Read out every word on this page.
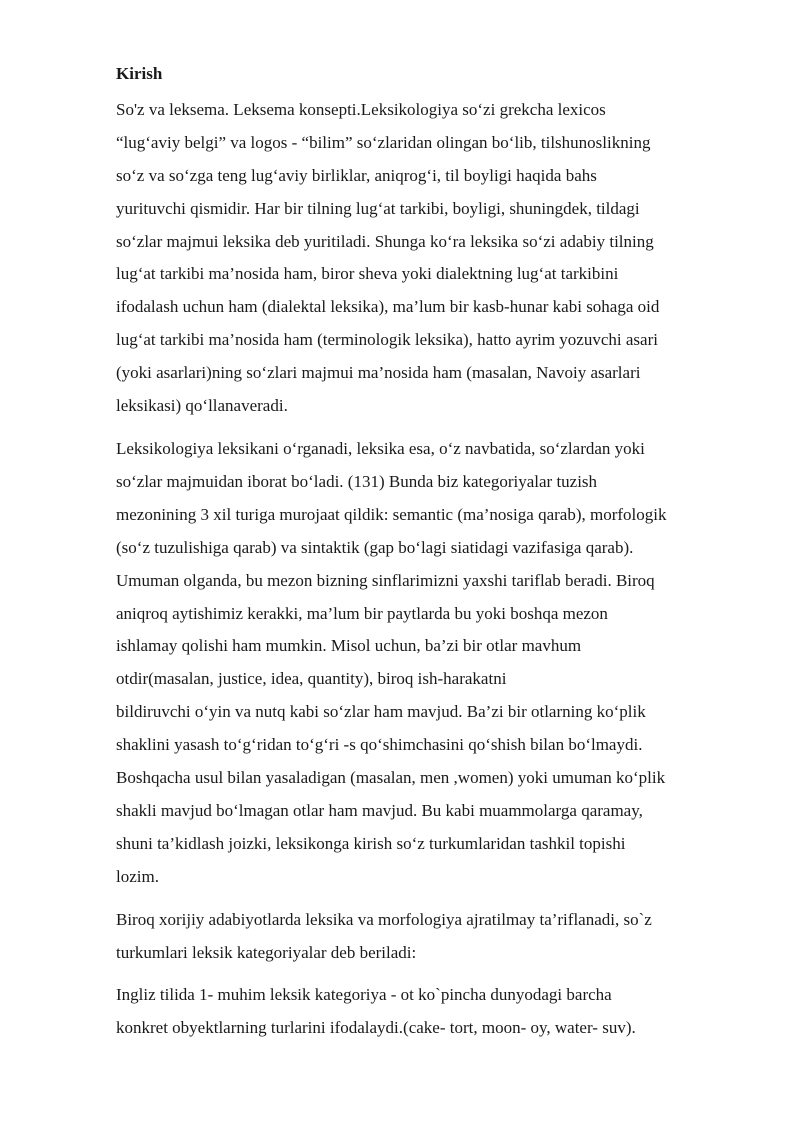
Kirish

So'z va leksema. Leksema konsepti.Leksikologiya so‘zi grekcha lexicos
“lug‘aviy belgi” va logos - “bilim” so‘zlaridan olingan bo‘lib, tilshunoslikning
so‘z va so‘zga teng lug‘aviy birliklar, aniqrog‘i, til boyligi haqida bahs
yurituvchi qismidir. Har bir tilning lug‘at tarkibi, boyligi, shuningdek, tildagi
so‘zlar majmui leksika deb yuritiladi. Shunga ko‘ra leksika so‘zi adabiy tilning
lug‘at tarkibi ma’nosida ham, biror sheva yoki dialektning lug‘at tarkibini
ifodalash uchun ham (dialektal leksika), ma’lum bir kasb-hunar kabi sohaga oid
lug‘at tarkibi ma’nosida ham (terminologik leksika), hatto ayrim yozuvchi asari
(yoki asarlari)ning so‘zlari majmui ma’nosida ham (masalan, Navoiy asarlari
leksikasi) qo‘llanaveradi.

Leksikologiya leksikani o‘rganadi, leksika esa, o‘z navbatida, so‘zlardan yoki
so‘zlar majmuidan iborat bo‘ladi. (131) Bunda biz kategoriyalar tuzish
mezonining 3 xil turiga murojaat qildik: semantic (ma’nosiga qarab), morfologik
(so‘z tuzulishiga qarab) va sintaktik (gap bo‘lagi siatidagi vazifasiga qarab).
Umuman olganda, bu mezon bizning sinflarimizni yaxshi tariflab beradi. Biroq
aniqroq aytishimiz kerakki, ma’lum bir paytlarda bu yoki boshqa mezon
ishlamay qolishi ham mumkin. Misol uchun, ba’zi bir otlar mavhum
otdir(masalan, justice, idea, quantity), biroq ish-harakatni
bildiruvchi o‘yin va nutq kabi so‘zlar ham mavjud. Ba’zi bir otlarning ko‘plik
shaklini yasash to‘g‘ridan to‘g‘ri -s qo‘shimchasini qo‘shish bilan bo‘lmaydi.
Boshqacha usul bilan yasaladigan (masalan, men ,women) yoki umuman ko‘plik
shakli mavjud bo‘lmagan otlar ham mavjud. Bu kabi muammolarga qaramay,
shuni ta’kidlash joizki, leksikonga kirish so‘z turkumlaridan tashkil topishi
lozim.

Biroq xorijiy adabiyotlarda leksika va morfologiya ajratilmay ta’riflanadi, so`z
turkumlari leksik kategoriyalar deb beriladi:

Ingliz tilida 1- muhim leksik kategoriya - ot ko`pincha dunyodagi barcha
konkret obyektlarning turlarini ifodalaydi.(cake- tort, moon- oy, water- suv).
